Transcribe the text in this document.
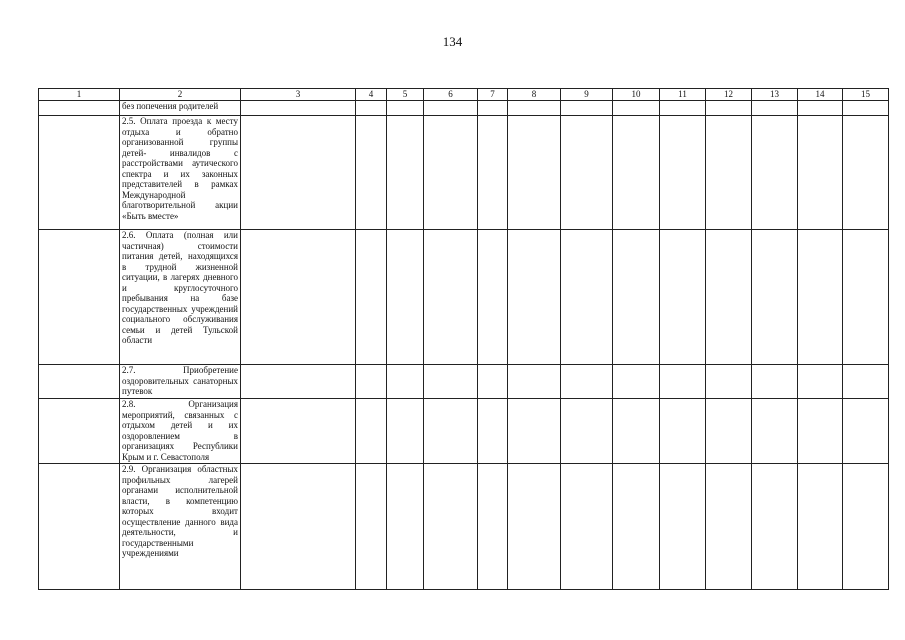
134
1	2	3	4	5	6	7	8	9	10	11	12	13	14	15
	без попечения родителей													
	2.5. Оплата проезда к месту отдыха и обратно организованной группы детей- инвалидов с расстройствами аутического спектра и их законных представителей в рамках Международной благотворительной акции «Быть вместе»													
	2.6. Оплата (полная или частичная) стоимости питания детей, находящихся в трудной жизненной ситуации, в лагерях дневного и круглосуточного пребывания на базе государственных учреждений социального обслуживания семьи и детей Тульской области													
	2.7. Приобретение оздоровительных санаторных путевок													
	2.8. Организация мероприятий, связанных с отдыхом детей и их оздоровлением в организациях Республики Крым и г. Севастополя													
	2.9. Организация областных профильных лагерей органами исполнительной власти, в компетенцию которых входит осуществление данного вида деятельности, и государственными учреждениями													
